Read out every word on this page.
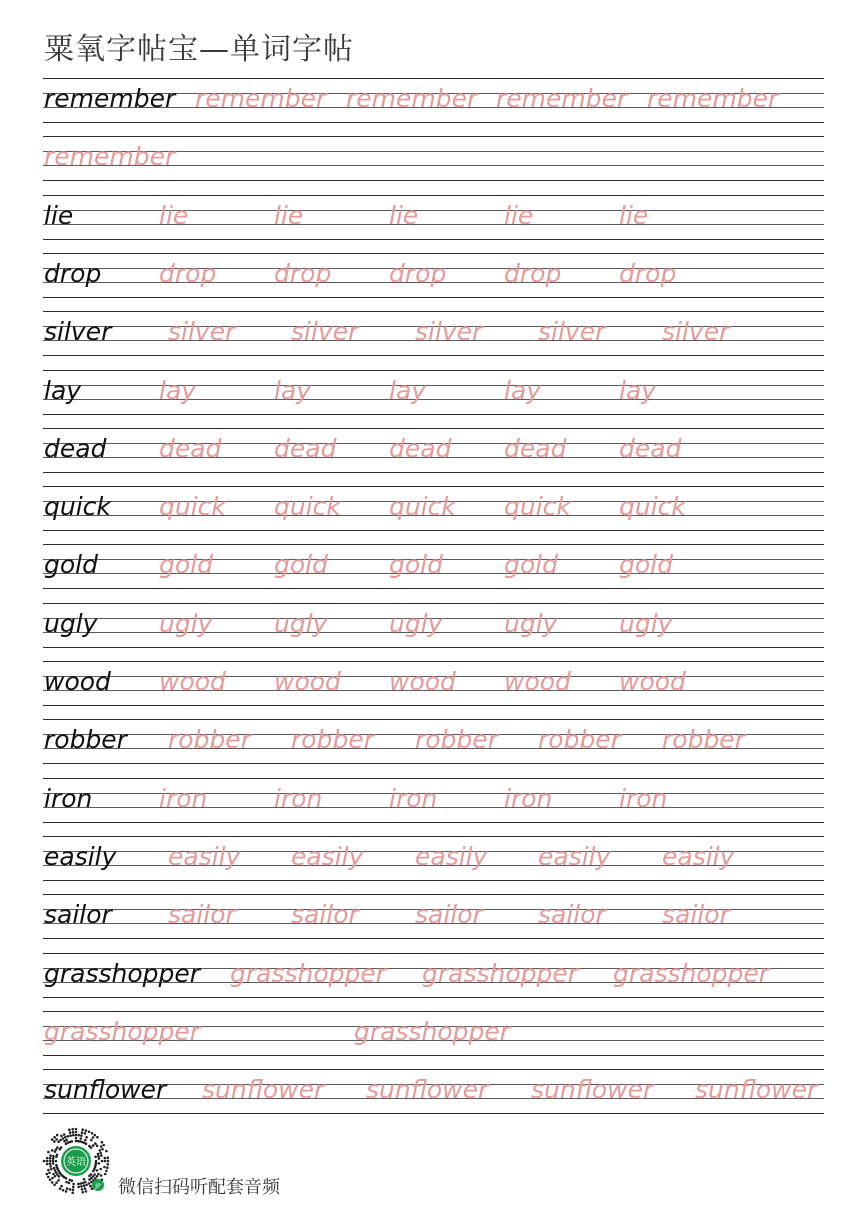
粟氧字帖宝—单词字帖
remember remember remember remember remember
remember
lie	lie	lie	lie	lie	lie
drop drop drop drop drop drop
silver silver silver silver silver silver
lay	lay	lay	lay	lay	lay
dead dead dead dead dead dead
quick quick quick quick quick quick
gold gold gold gold gold gold
ugly ugly ugly ugly ugly ugly
wood wood wood wood wood wood
robber robber robber robber robber robber
iron	iron	iron	iron	iron	iron
easily easily easily easily easily easily
sailor sailor sailor sailor sailor sailor
grasshopper grasshopper grasshopper grasshopper
grasshopper	grasshopper
sunflower sunflower sunflower sunflower sunflower
英语
JP 微信扫码听配套音频
